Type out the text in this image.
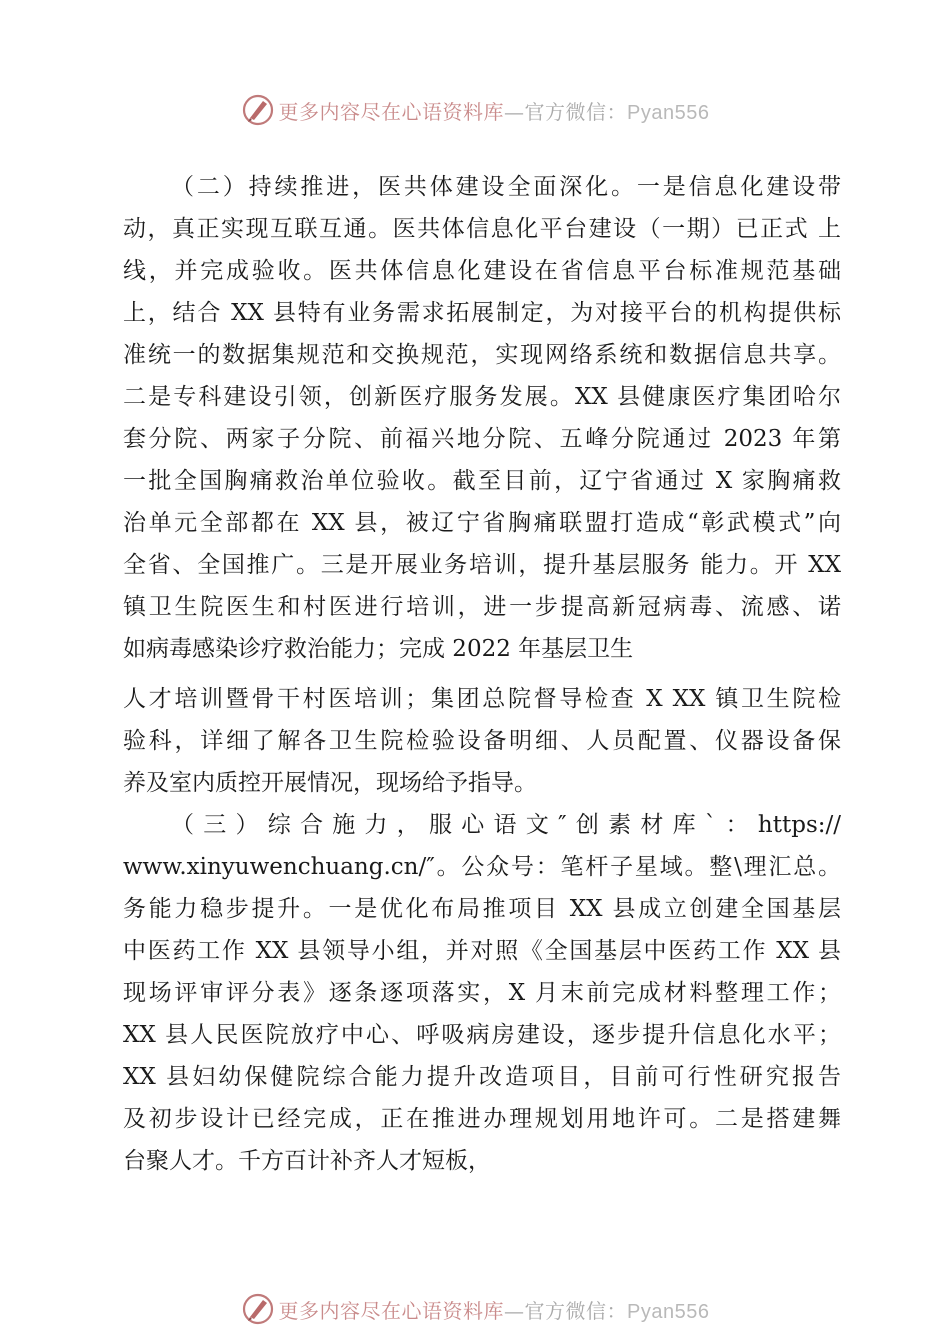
更多内容尽在心语资料库—官方微信：Pyan556
（二）持续推进，医共体建设全面深化。一是信息化建设带
动，真正实现互联互通。医共体信息化平台建设（一期）已正式 上
线，并完成验收。医共体信息化建设在省信息平台标准规范基础
上，结合 XX 县特有业务需求拓展制定，为对接平台的机构提供标
准统一的数据集规范和交换规范，实现网络系统和数据信息共享。
二是专科建设引领，创新医疗服务发展。XX 县健康医疗集团哈尔
套分院、两家子分院、前福兴地分院、五峰分院通过 2023 年第
一批全国胸痛救治单位验收。截至目前，辽宁省通过 X 家胸痛救
治单元全部都在 XX 县，被辽宁省胸痛联盟打造成“彰武模式”向
全省、全国推广。三是开展业务培训，提升基层服务 能力。开 XX
镇卫生院医生和村医进行培训，进一步提高新冠病毒、流感、诺
如病毒感染诊疗救治能力；完成 2022 年基层卫生
人才培训暨骨干村医培训；集团总院督导检查 X XX 镇卫生院检
验科，详细了解各卫生院检验设备明细、人员配置、仪器设备保
养及室内质控开展情况，现场给予指导。
（三）综合施力，服心语文″创素材库`：https://
www.xinyuwenchuang.cn/″。公众号：笔杆子星域。整\理汇总。
务能力稳步提升。一是优化布局推项目 XX 县成立创建全国基层
中医药工作 XX 县领导小组，并对照《全国基层中医药工作 XX 县
现场评审评分表》逐条逐项落实，X 月末前完成材料整理工作；
XX 县人民医院放疗中心、呼吸病房建设，逐步提升信息化水平；
XX 县妇幼保健院综合能力提升改造项目，目前可行性研究报告
及初步设计已经完成，正在推进办理规划用地许可。二是搭建舞
台聚人才。千方百计补齐人才短板，
更多内容尽在心语资料库—官方微信：Pyan556
